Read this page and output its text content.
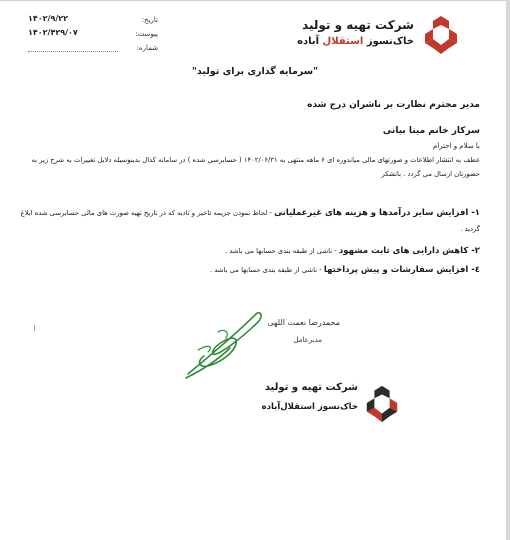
۱۴۰۲/۹/۲۲	تاریخ:
۱۴۰۲/۴۲۹/۰۷	پیوست:
شماره:
شرکت تهیه و تولید
خاک‌نسوز استقلال آباده
"سرمایه گذاری برای تولید"
مدیر محترم نظارت بر ناشران درج شده
سرکار خانم مینا بیانی
با سلام و احترام
عطف به انتشار اطلاعات و صورتهای مالی میاندوره ای ۶ ماهه منتهی به ۱۴۰۲/۰۶/۳۱ ( حسابرسی شده ) در سامانه کدال بدینوسیله دلایل تغییرات به شرح زیر به
حضورتان ارسال می گردد . باتشکر
۱- افزایش سایر درآمدها و هزینه های غیرعملیاتی - لحاظ نمودن جریمه تاخیر و تادیه که در تاریخ تهیه صورت های مالی حسابرسی شده ابلاغ
گردید .
۲- کاهش دارایی های ثابت مشهود - ناشی از طبقه بندی حسابها می باشد .
٤- افزایش سفارشات و پیش پرداختها - ناشی از طبقه بندی حسابها می باشد .
محمدرضا نعمت اللهی
مدیرعامل
شرکت تهیه و تولید
خاک‌نسوز استقلال‌آباده
